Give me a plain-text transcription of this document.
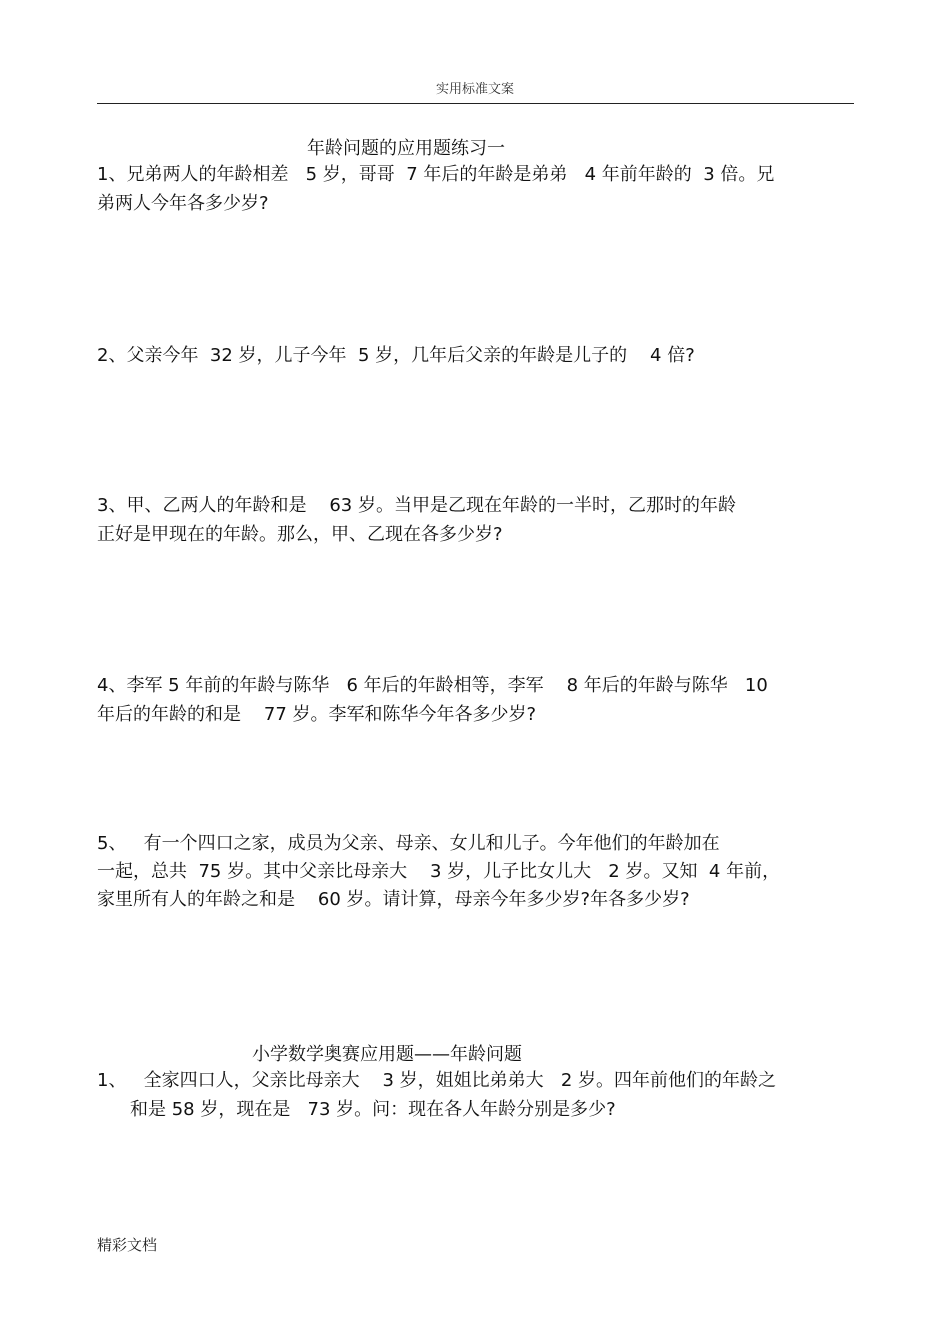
实用标准文案
年龄问题的应用题练习一
1、兄弟两人的年龄相差   5 岁，哥哥  7 年后的年龄是弟弟   4 年前年龄的  3 倍。兄
弟两人今年各多少岁?
2、父亲今年  32 岁，儿子今年  5 岁，几年后父亲的年龄是儿子的    4 倍?
3、甲、乙两人的年龄和是    63 岁。当甲是乙现在年龄的一半时，乙那时的年龄
正好是甲现在的年龄。那么，甲、乙现在各多少岁?
4、李军 5 年前的年龄与陈华   6 年后的年龄相等，李军    8 年后的年龄与陈华   10
年后的年龄的和是    77 岁。李军和陈华今年各多少岁?
5、   有一个四口之家，成员为父亲、母亲、女儿和儿子。今年他们的年龄加在
一起，总共  75 岁。其中父亲比母亲大    3 岁，儿子比女儿大   2 岁。又知  4 年前，
家里所有人的年龄之和是    60 岁。请计算，母亲今年多少岁?年各多少岁?
小学数学奥赛应用题——年龄问题
1、   全家四口人，父亲比母亲大    3 岁，姐姐比弟弟大   2 岁。四年前他们的年龄之
和是 58 岁，现在是   73 岁。问：现在各人年龄分别是多少?
精彩文档
